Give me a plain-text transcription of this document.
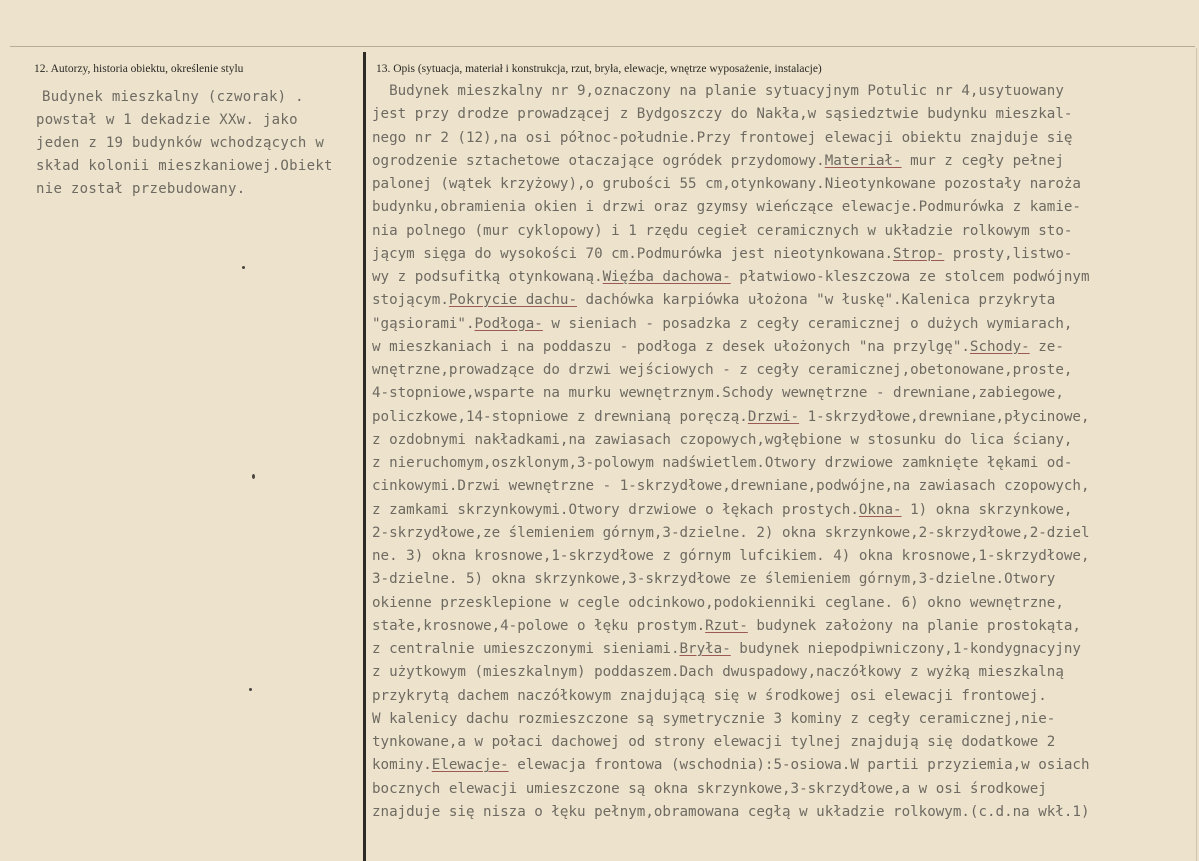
12. Autorzy, historia obiektu, określenie stylu	13. Opis (sytuacja, materiał i konstrukcja, rzut, bryła, elewacje, wnętrze wyposażenie, instalacje)
Budynek mieszkalny (czworak) .
powstał w 1 dekadzie XXw. jako
jeden z 19 budynków wchodzących w
skład kolonii mieszkaniowej.Obiekt
nie został przebudowany.
Budynek mieszkalny nr 9,oznaczony na planie sytuacyjnym Potulic nr 4,usytuowany
jest przy drodze prowadzącej z Bydgoszczy do Nakła,w sąsiedztwie budynku mieszkal-
nego nr 2 (12),na osi północ-południe.Przy frontowej elewacji obiektu znajduje się
ogrodzenie sztachetowe otaczające ogródek przydomowy.Materiał- mur z cegły pełnej
palonej (wątek krzyżowy),o grubości 55 cm,otynkowany.Nieotynkowane pozostały naroża
budynku,obramienia okien i drzwi oraz gzymsy wieńczące elewacje.Podmurówka z kamie-
nia polnego (mur cyklopowy) i 1 rzędu cegieł ceramicznych w układzie rolkowym sto-
jącym sięga do wysokości 70 cm.Podmurówka jest nieotynkowana.Strop- prosty,listwo-
wy z podsufitką otynkowaną.Więźba dachowa- płatwiowo-kleszczowa ze stolcem podwójnym
stojącym.Pokrycie dachu- dachówka karpiówka ułożona "w łuskę".Kalenica przykryta
"gąsiorami".Podłoga- w sieniach - posadzka z cegły ceramicznej o dużych wymiarach,
w mieszkaniach i na poddaszu - podłoga z desek ułożonych "na przylgę".Schody- ze-
wnętrzne,prowadzące do drzwi wejściowych - z cegły ceramicznej,obetonowane,proste,
4-stopniowe,wsparte na murku wewnętrznym.Schody wewnętrzne - drewniane,zabiegowe,
policzkowe,14-stopniowe z drewnianą poręczą.Drzwi- 1-skrzydłowe,drewniane,płycinowe,
z ozdobnymi nakładkami,na zawiasach czopowych,wgłębione w stosunku do lica ściany,
z nieruchomym,oszklonym,3-polowym nadświetlem.Otwory drzwiowe zamknięte łękami od-
cinkowymi.Drzwi wewnętrzne - 1-skrzydłowe,drewniane,podwójne,na zawiasach czopowych,
z zamkami skrzynkowymi.Otwory drzwiowe o łękach prostych.Okna- 1) okna skrzynkowe,
2-skrzydłowe,ze ślemieniem górnym,3-dzielne. 2) okna skrzynkowe,2-skrzydłowe,2-dziel
ne. 3) okna krosnowe,1-skrzydłowe z górnym lufcikiem. 4) okna krosnowe,1-skrzydłowe,
3-dzielne. 5) okna skrzynkowe,3-skrzydłowe ze ślemieniem górnym,3-dzielne.Otwory
okienne przesklepione w cegle odcinkowo,podokienniki ceglane. 6) okno wewnętrzne,
stałe,krosnowe,4-polowe o łęku prostym.Rzut- budynek założony na planie prostokąta,
z centralnie umieszczonymi sieniami.Bryła- budynek niepodpiwniczony,1-kondygnacyjny
z użytkowym (mieszkalnym) poddaszem.Dach dwuspadowy,naczółkowy z wyżką mieszkalną
przykrytą dachem naczółkowym znajdującą się w środkowej osi elewacji frontowej.
W kalenicy dachu rozmieszczone są symetrycznie 3 kominy z cegły ceramicznej,nie-
tynkowane,a w połaci dachowej od strony elewacji tylnej znajdują się dodatkowe 2
kominy.Elewacje- elewacja frontowa (wschodnia):5-osiowa.W partii przyziemia,w osiach
bocznych elewacji umieszczone są okna skrzynkowe,3-skrzydłowe,a w osi środkowej
znajduje się nisza o łęku pełnym,obramowana cegłą w układzie rolkowym.(c.d.na wkł.1)
